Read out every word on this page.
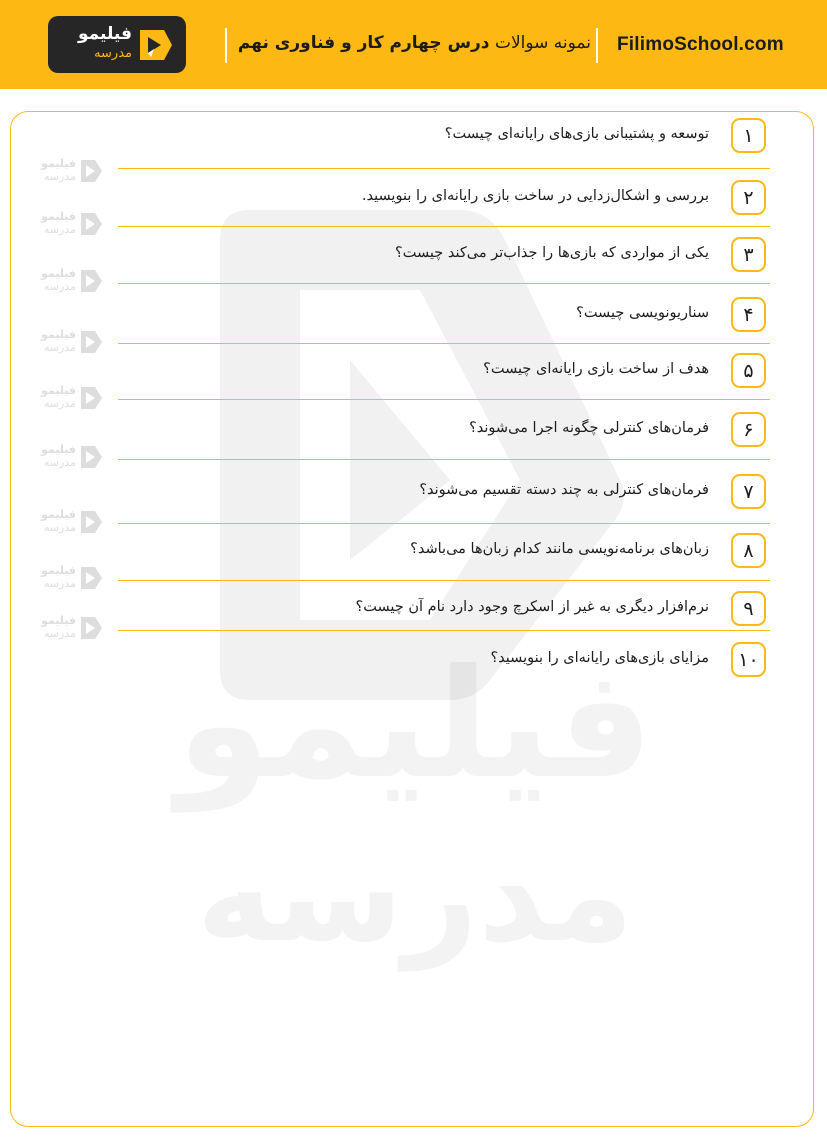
فیلیمو
مدرسه
نمونه سوالات درس چهارم کار و فناوری نهم	FilimoSchool.com
۱
توسعه و پشتیبانی بازی‌های رایانه‌ای چیست؟
۲
بررسی و اشکال‌زدایی در ساخت بازی رایانه‌ای را بنویسید.
۳
یکی از مواردی که بازی‌ها را جذاب‌تر می‌کند چیست؟
۴
سناریونویسی چیست؟
۵
هدف از ساخت بازی رایانه‌ای چیست؟
۶
فرمان‌های کنترلی چگونه اجرا می‌شوند؟
۷
فرمان‌های کنترلی به چند دسته تقسیم می‌شوند؟
۸
زبان‌های برنامه‌نویسی مانند کدام زبان‌ها می‌باشد؟
۹
نرم‌افزار دیگری به غیر از اسکرچ وجود دارد نام آن چیست؟
۱۰
مزایای بازی‌های رایانه‌ای را بنویسید؟
فیلیمو
مدرسه
فیلیمو
مدرسه
فیلیمو
مدرسه
فیلیمو
مدرسه
فیلیمو
مدرسه
فیلیمو
مدرسه
فیلیمو
مدرسه
فیلیمو
مدرسه
فیلیمو
مدرسه
